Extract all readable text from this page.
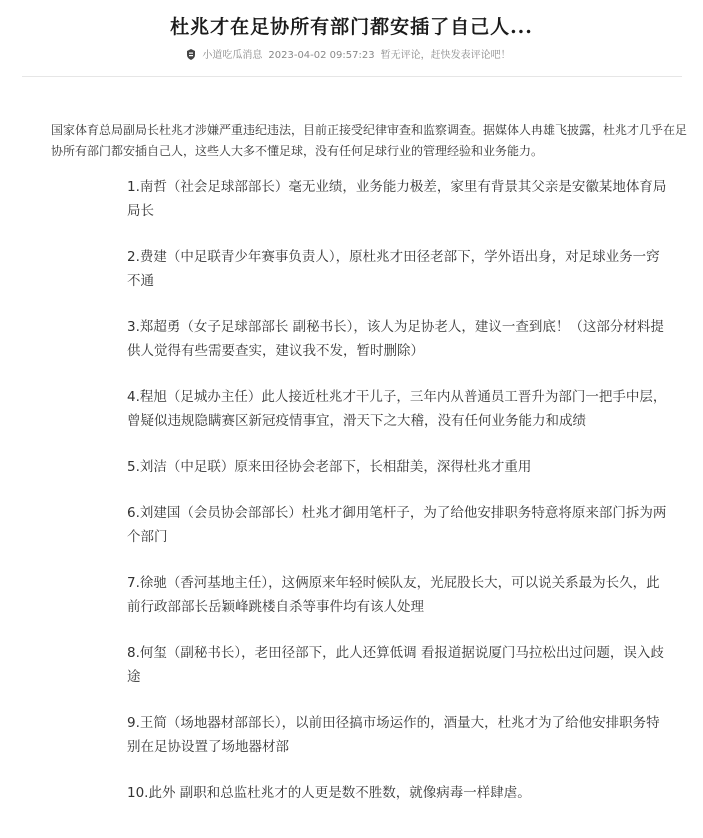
杜兆才在足协所有部门都安插了自己人...
小道吃瓜消息 2023-04-02 09:57:23 暂无评论，赶快发表评论吧！

国家体育总局副局长杜兆才涉嫌严重违纪违法，目前正接受纪律审查和监察调查。据媒体人冉雄飞披露，杜兆才几乎在足协所有部门都安插自己人，这些人大多不懂足球，没有任何足球行业的管理经验和业务能力。

1.南哲（社会足球部部长）毫无业绩，业务能力极差，家里有背景其父亲是安徽某地体育局局长
2.费建（中足联青少年赛事负责人），原杜兆才田径老部下，学外语出身，对足球业务一窍不通
3.郑超勇（女子足球部部长 副秘书长），该人为足协老人，建议一查到底！（这部分材料提供人觉得有些需要查实，建议我不发，暂时删除）
4.程旭（足城办主任）此人接近杜兆才干儿子，三年内从普通员工晋升为部门一把手中层，曾疑似违规隐瞒赛区新冠疫情事宜，滑天下之大稽，没有任何业务能力和成绩
5.刘洁（中足联）原来田径协会老部下，长相甜美，深得杜兆才重用
6.刘建国（会员协会部部长）杜兆才御用笔杆子，为了给他安排职务特意将原来部门拆为两个部门
7.徐驰（香河基地主任），这俩原来年轻时候队友，光屁股长大，可以说关系最为长久，此前行政部部长岳颖峰跳楼自杀等事件均有该人处理
8.何玺（副秘书长），老田径部下，此人还算低调 看报道据说厦门马拉松出过问题，误入歧途
9.王简（场地器材部部长），以前田径搞市场运作的，酒量大，杜兆才为了给他安排职务特别在足协设置了场地器材部
10.此外 副职和总监杜兆才的人更是数不胜数，就像病毒一样肆虐。
